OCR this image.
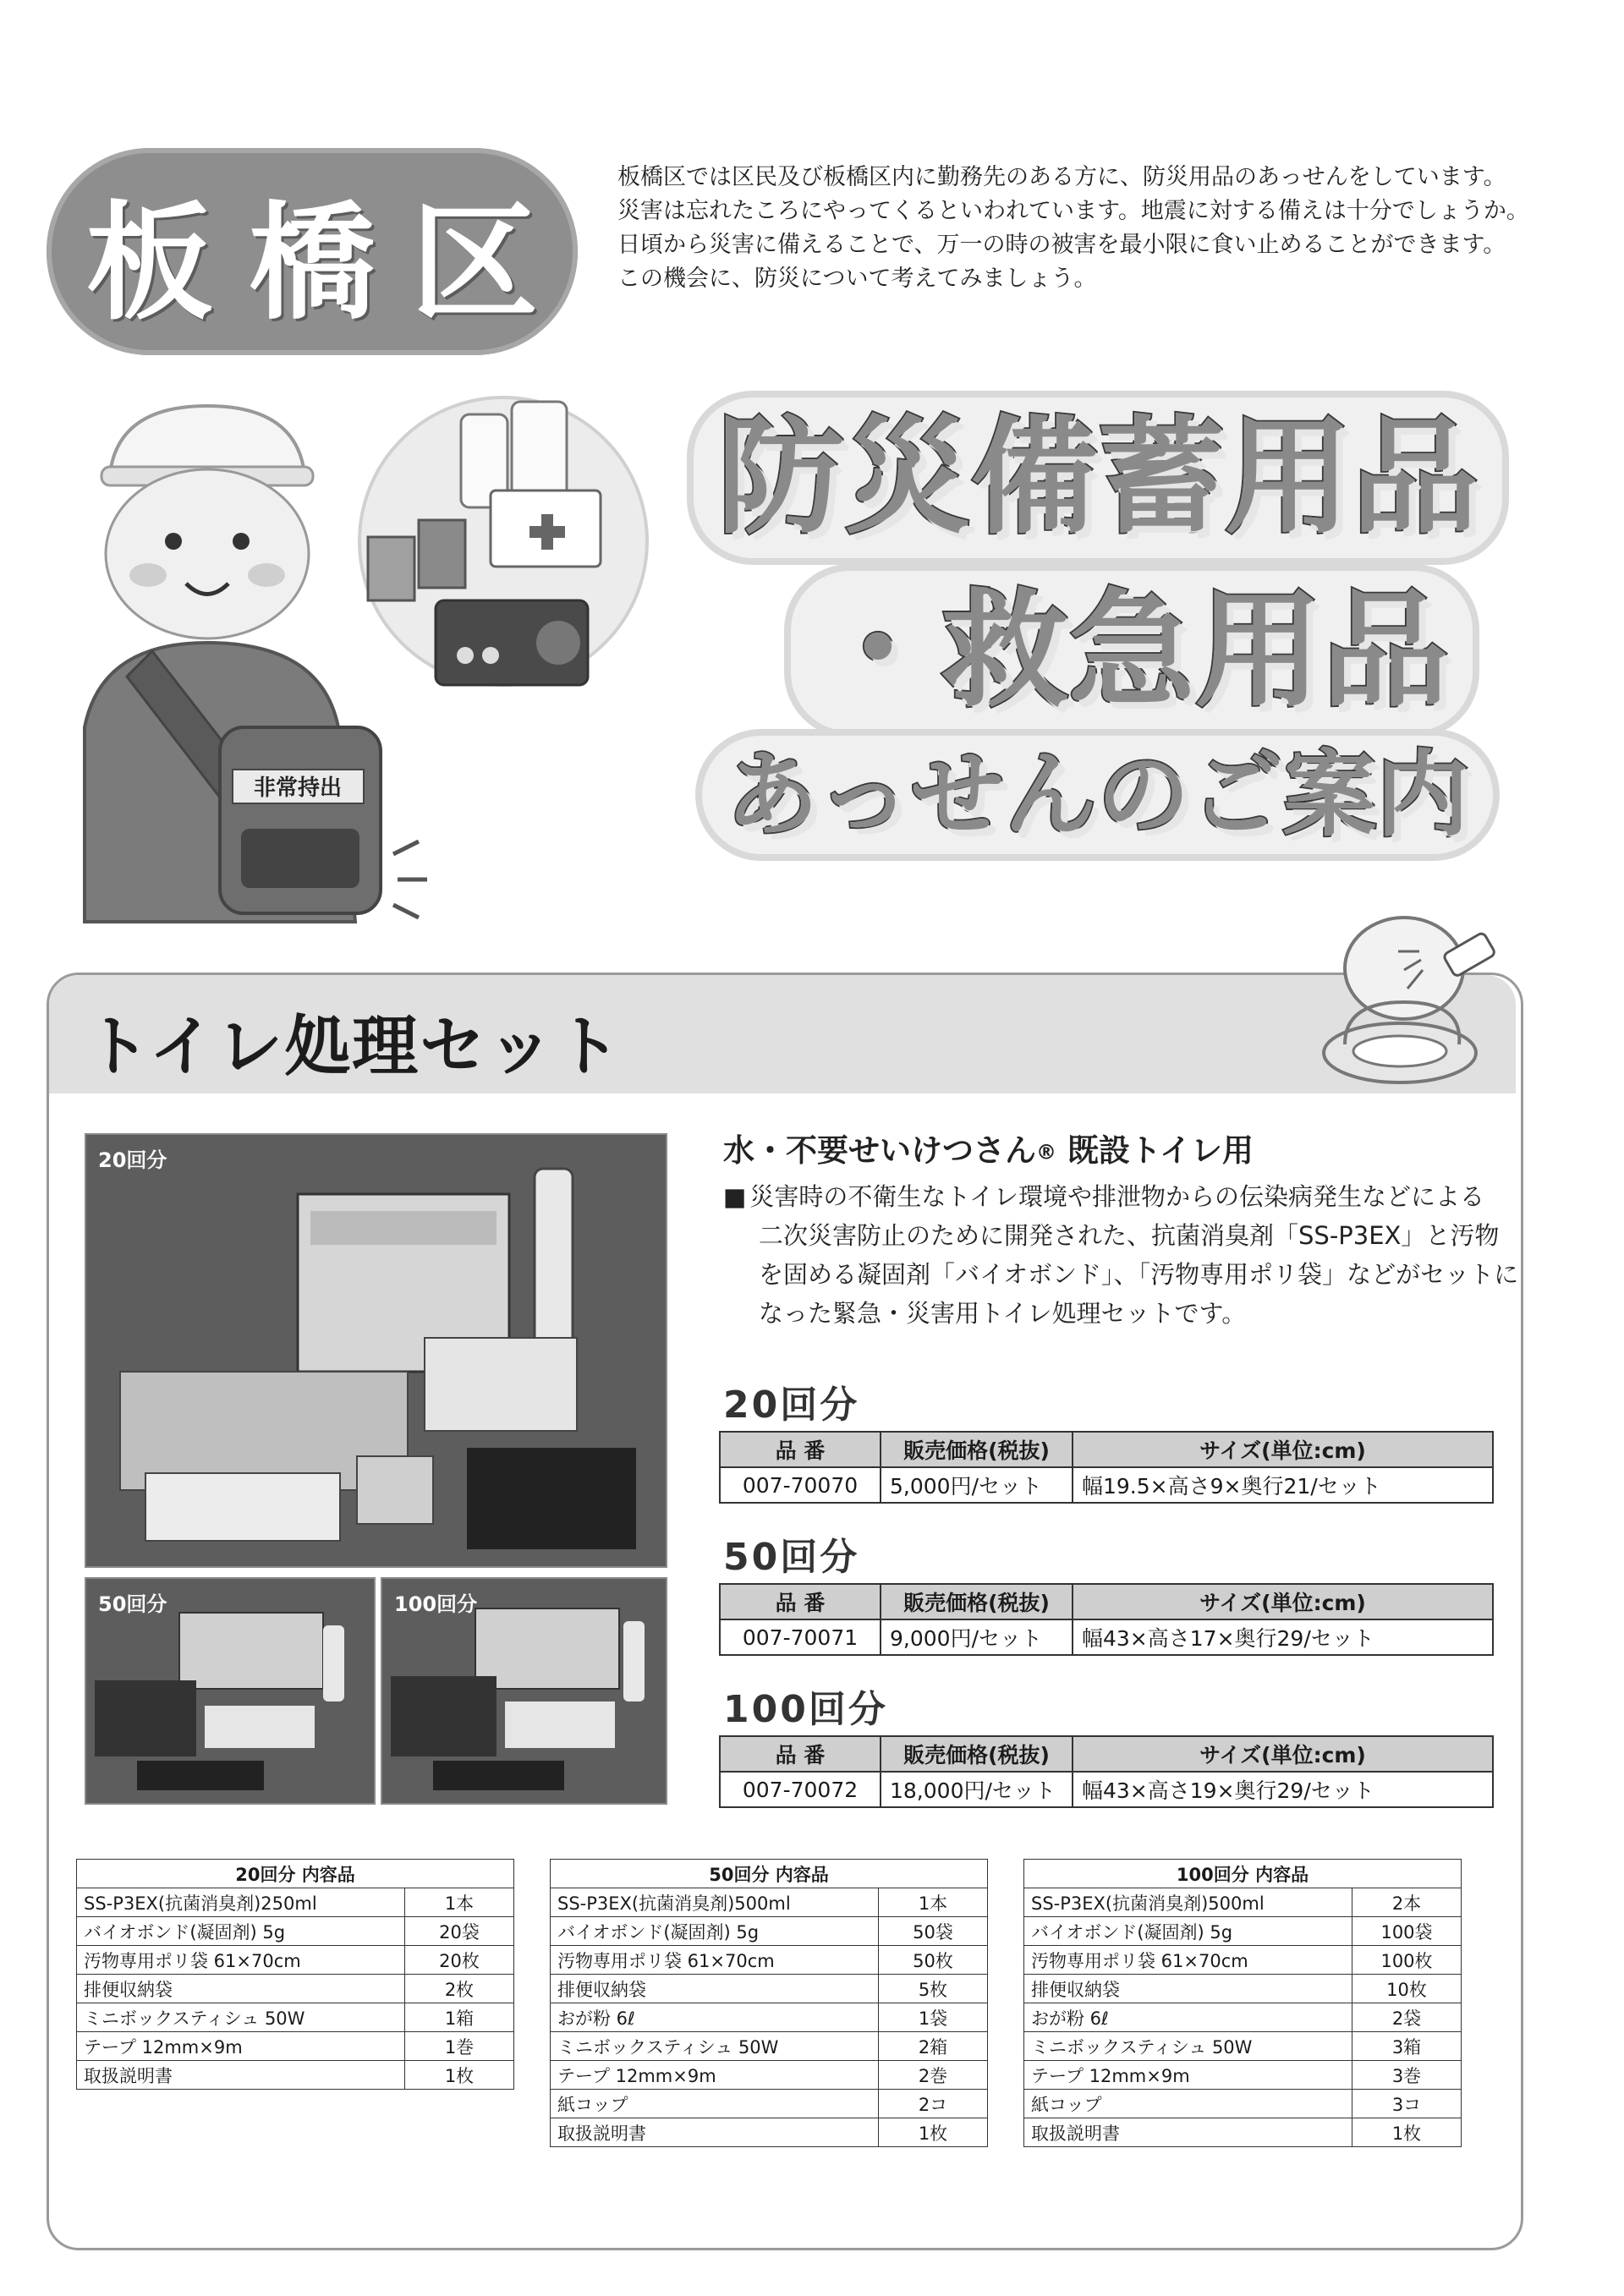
板橋区

板橋区では区民及び板橋区内に勤務先のある方に、防災用品のあっせんをしています。

災害は忘れたころにやってくるといわれています。地震に対する備えは十分でしょうか。

日頃から災害に備えることで、万一の時の被害を最小限に食い止めることができます。

この機会に、防災について考えてみましょう。

非常持出
防災備蓄用品
・救急用品
あっせんのご案内
トイレ処理セット
20回分
50回分	100回分
水・不要せいけつさん® 既設トイレ用

■ 災害時の不衛生なトイレ環境や排泄物からの伝染病発生などによる

二次災害防止のために開発された、抗菌消臭剤「SS-P3EX」と汚物

を固める凝固剤「バイオボンド」、「汚物専用ポリ袋」などがセットに

なった緊急・災害用トイレ処理セットです。

20回分
品 番	販売価格(税抜)	サイズ(単位:cm)
007-70070	5,000円/セット	幅19.5×高さ9×奥行21/セット
50回分
品 番	販売価格(税抜)	サイズ(単位:cm)
007-70071	9,000円/セット	幅43×高さ17×奥行29/セット
100回分
品 番	販売価格(税抜)	サイズ(単位:cm)
007-70072	18,000円/セット	幅43×高さ19×奥行29/セット
20回分 内容品	
SS-P3EX(抗菌消臭剤)250ml	1本
バイオボンド(凝固剤) 5g	20袋
汚物専用ポリ袋 61×70cm	20枚
排便収納袋	2枚
ミニボックスティシュ 50W	1箱
テープ 12mm×9m	1巻
取扱説明書	1枚
50回分 内容品	
SS-P3EX(抗菌消臭剤)500ml	1本
バイオボンド(凝固剤) 5g	50袋
汚物専用ポリ袋 61×70cm	50枚
排便収納袋	5枚
おが粉 6ℓ	1袋
ミニボックスティシュ 50W	2箱
テープ 12mm×9m	2巻
紙コップ	2コ
取扱説明書	1枚
100回分 内容品	
SS-P3EX(抗菌消臭剤)500ml	2本
バイオボンド(凝固剤) 5g	100袋
汚物専用ポリ袋 61×70cm	100枚
排便収納袋	10枚
おが粉 6ℓ	2袋
ミニボックスティシュ 50W	3箱
テープ 12mm×9m	3巻
紙コップ	3コ
取扱説明書	1枚
